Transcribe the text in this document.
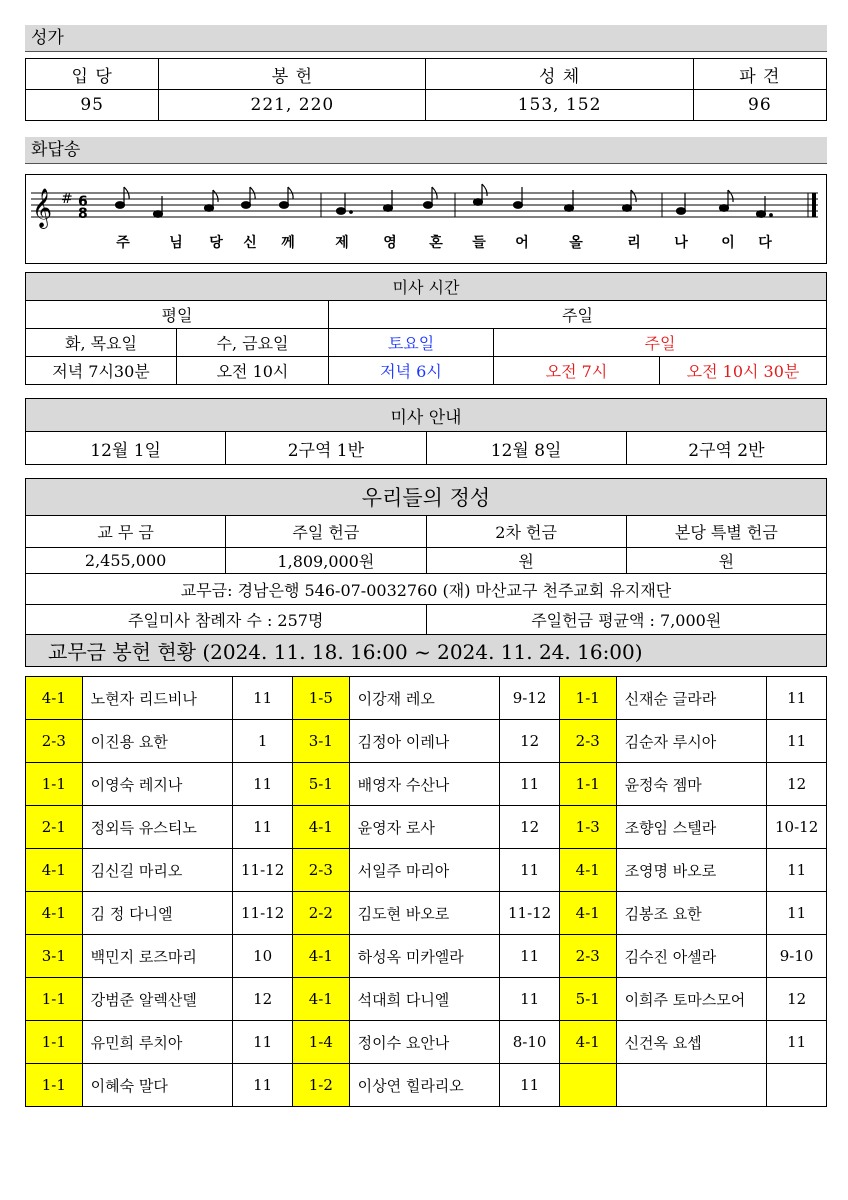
성가
입 당	봉 헌	성 체	파 견
95	221, 220	153, 152	96
화답송
𝄞 # 6
8
주	님 당 신 께	제 영 혼 들 어	올	리 나 이 다
미사 시간				
평일		주일		
화, 목요일	수, 금요일	토요일	주일	
저녁 7시30분	오전 10시	저녁 6시	오전 7시	오전 10시 30분
미사 안내
12월 1일	2구역 1반	12월 8일	2구역 2반
우리들의 정성			
교 무 금	주일 헌금	2차 헌금	본당 특별 헌금
2,455,000	1,809,000원	원	원
교무금: 경남은행 546-07-0032760 (재) 마산교구 천주교회 유지재단			
주일미사 참례자 수 : 257명		주일헌금 평균액 : 7,000원	
교무금 봉헌 현황 (2024. 11. 18. 16:00 ~ 2024. 11. 24. 16:00)			
4-1	노현자 리드비나	11	1-5	이강재 레오	9-12	1-1	신재순 글라라	11
2-3	이진용 요한	1	3-1	김정아 이레나	12	2-3	김순자 루시아	11
1-1	이영숙 레지나	11	5-1	배영자 수산나	11	1-1	윤정숙 젬마	12
2-1	정외득 유스티노	11	4-1	윤영자 로사	12	1-3	조향임 스텔라	10-12
4-1	김신길 마리오	11-12	2-3	서일주 마리아	11	4-1	조영명 바오로	11
4-1	김 정 다니엘	11-12	2-2	김도현 바오로	11-12	4-1	김봉조 요한	11
3-1	백민지 로즈마리	10	4-1	하성옥 미카엘라	11	2-3	김수진 아셀라	9-10
1-1	강범준 알렉산델	12	4-1	석대희 다니엘	11	5-1	이희주 토마스모어	12
1-1	유민희 루치아	11	1-4	정이수 요안나	8-10	4-1	신건옥 요셉	11
1-1	이혜숙 말다	11	1-2	이상연 힐라리오	11			
